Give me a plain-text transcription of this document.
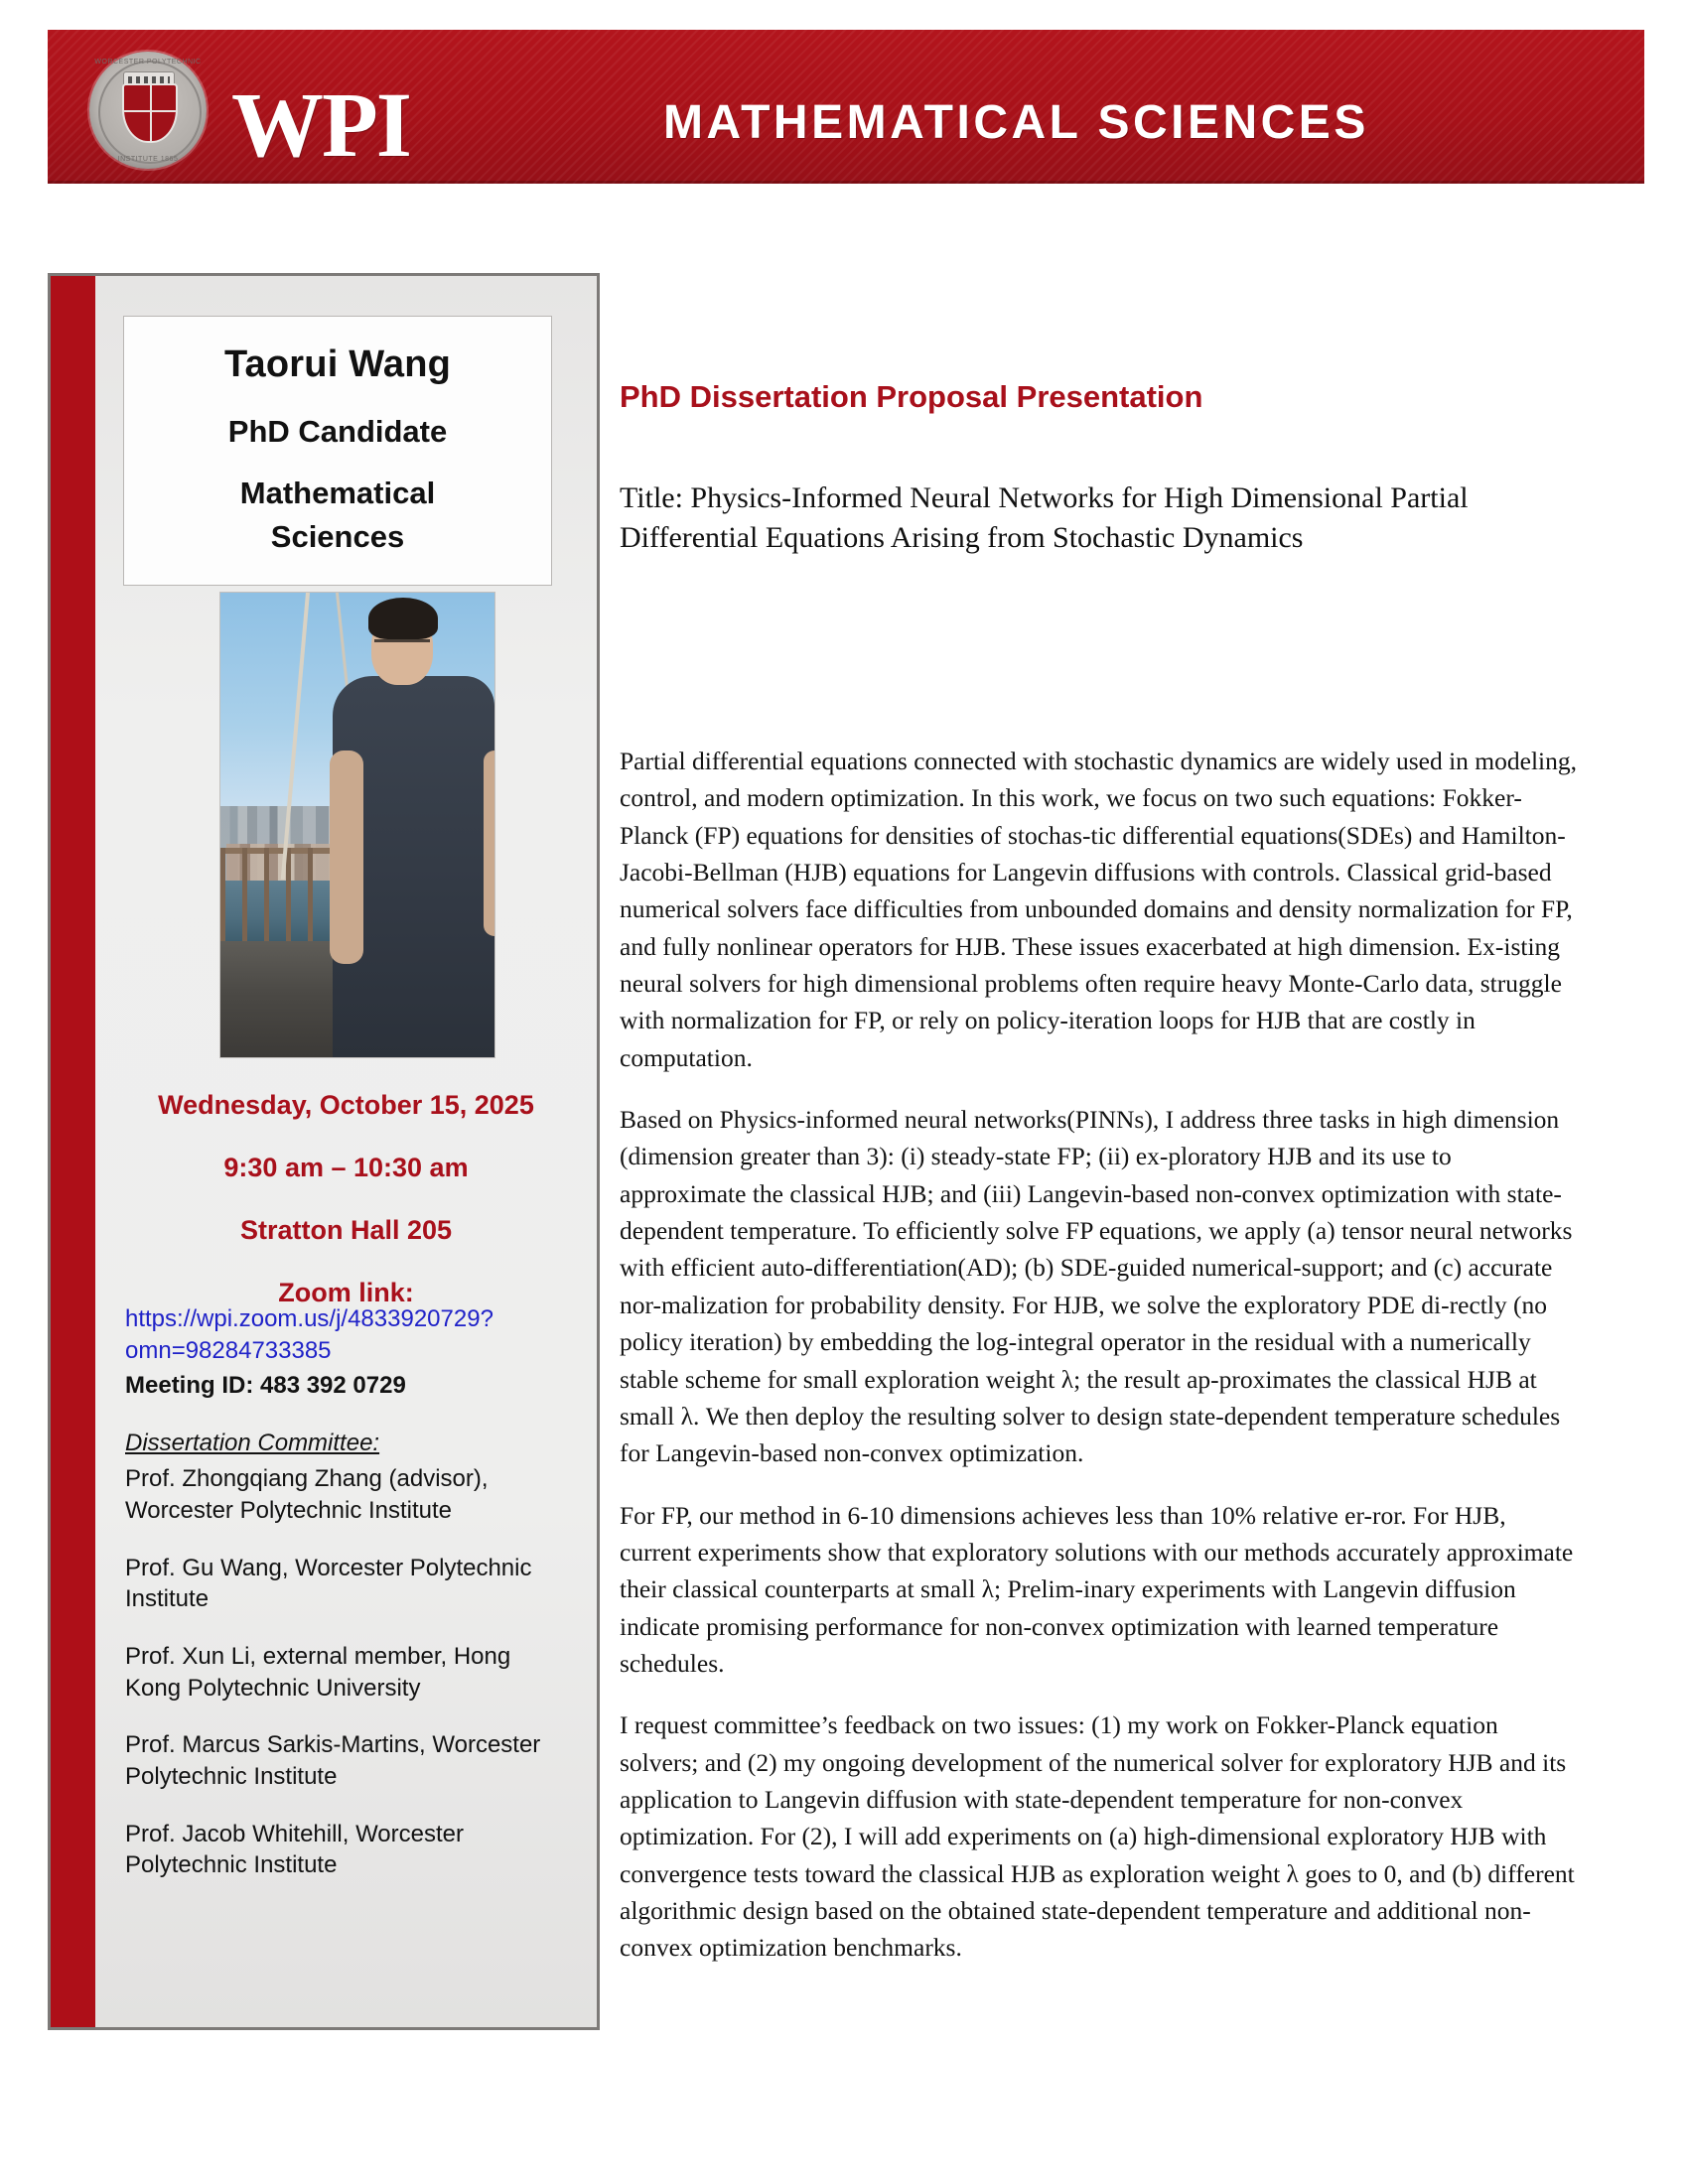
WORCESTER POLYTECHNIC
INSTITUTE 1865 WPI	MATHEMATICAL SCIENCES

Taorui Wang

PhD Candidate

Mathematical

Sciences

Wednesday, October 15, 2025

9:30 am – 10:30 am

Stratton Hall 205

Zoom link:

https://wpi.zoom.us/j/4833920729?
omn=98284733385

Meeting ID: 483 392 0729

Dissertation Committee:

Prof. Zhongqiang Zhang (advisor), Worcester Polytechnic Institute

Prof. Gu Wang, Worcester Polytechnic Institute

Prof. Xun Li, external member, Hong Kong Polytechnic University

Prof. Marcus Sarkis-Martins, Worcester Polytechnic Institute

Prof. Jacob Whitehill, Worcester Polytechnic Institute

PhD Dissertation Proposal Presentation

Title: Physics-Informed Neural Networks for High Dimensional Partial

Differential Equations Arising from Stochastic Dynamics

Partial differential equations connected with stochastic dynamics are widely used in modeling, control, and modern optimization. In this work, we focus on two such equations: Fokker-Planck (FP) equations for densities of stochas-tic differential equations(SDEs) and Hamilton-Jacobi-Bellman (HJB) equations for Langevin diffusions with controls. Classical grid-based numerical solvers face difficulties from unbounded domains and density normalization for FP, and fully nonlinear operators for HJB. These issues exacerbated at high dimension. Ex-isting neural solvers for high dimensional problems often require heavy Monte-Carlo data, struggle with normalization for FP, or rely on policy-iteration loops for HJB that are costly in computation.

Based on Physics-informed neural networks(PINNs), I address three tasks in high dimension (dimension greater than 3): (i) steady-state FP; (ii) ex-ploratory HJB and its use to approximate the classical HJB; and (iii) Langevin-based non-convex optimization with state-dependent temperature. To efficiently solve FP equations, we apply (a) tensor neural networks with efficient auto-differentiation(AD); (b) SDE-guided numerical-support; and (c) accurate nor-malization for probability density. For HJB, we solve the exploratory PDE di-rectly (no policy iteration) by embedding the log-integral operator in the residual with a numerically stable scheme for small exploration weight λ; the result ap-proximates the classical HJB at small λ. We then deploy the resulting solver to design state-dependent temperature schedules for Langevin-based non-convex optimization.

For FP, our method in 6-10 dimensions achieves less than 10% relative er-ror. For HJB, current experiments show that exploratory solutions with our methods accurately approximate their classical counterparts at small λ; Prelim-inary experiments with Langevin diffusion indicate promising performance for non-convex optimization with learned temperature schedules.

I request committee’s feedback on two issues: (1) my work on Fokker-Planck equation solvers; and (2) my ongoing development of the numerical solver for exploratory HJB and its application to Langevin diffusion with state-dependent temperature for non-convex optimization. For (2), I will add experiments on (a) high-dimensional exploratory HJB with convergence tests toward the classical HJB as exploration weight λ goes to 0, and (b) different algorithmic design based on the obtained state-dependent temperature and additional non-convex optimization benchmarks.
